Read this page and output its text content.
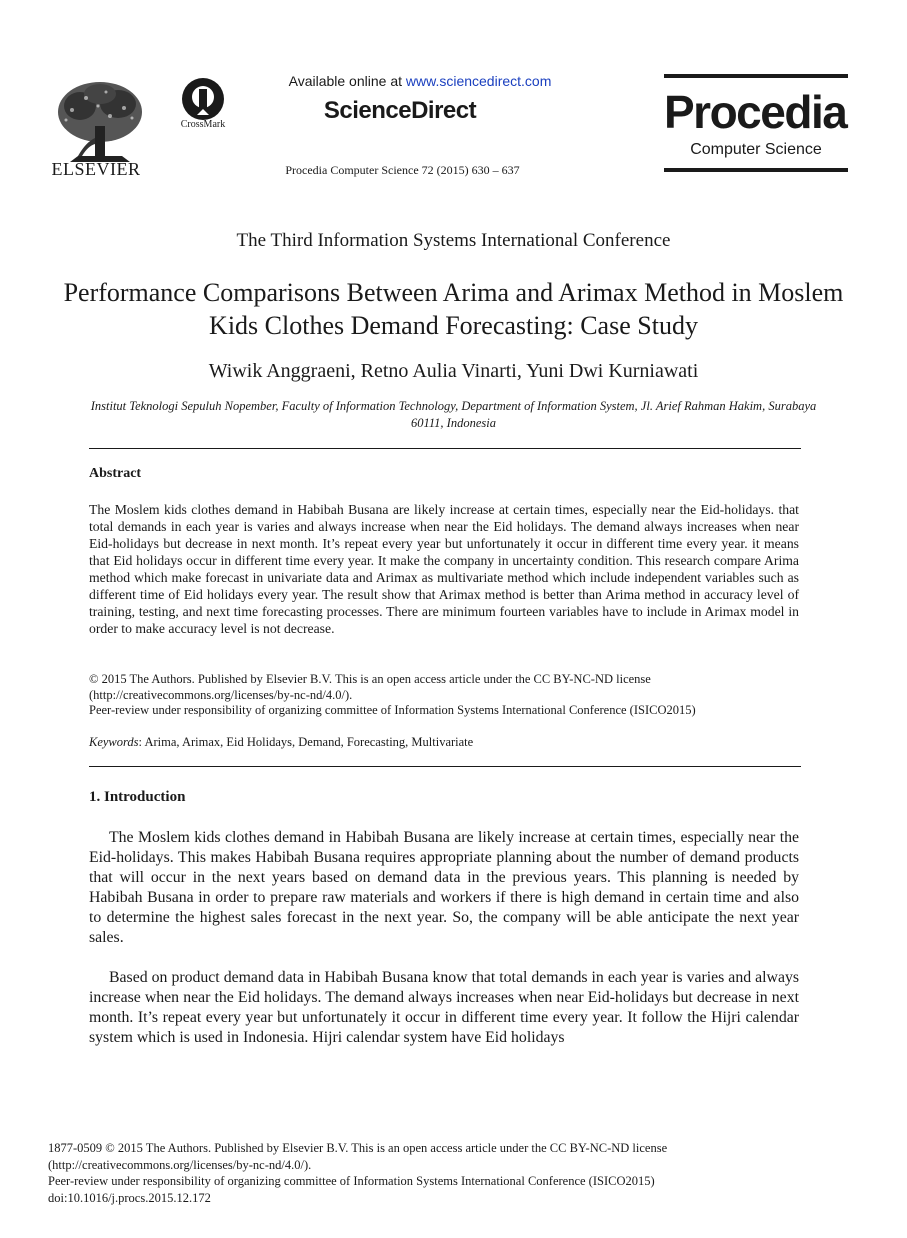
ELSEVIER
CrossMark
Available online at www.sciencedirect.com
ScienceDirect
Procedia Computer Science 72 (2015) 630 – 637
Procedia
Computer Science
The Third Information Systems International Conference
Performance Comparisons Between Arima and Arimax Method in Moslem Kids Clothes Demand Forecasting: Case Study
Wiwik Anggraeni, Retno Aulia Vinarti, Yuni Dwi Kurniawati
Institut Teknologi Sepuluh Nopember, Faculty of Information Technology, Department of Information System, Jl. Arief Rahman Hakim, Surabaya 60111, Indonesia
Abstract
The Moslem kids clothes demand in Habibah Busana are likely increase at certain times, especially near the Eid-holidays. that total demands in each year is varies and always increase when near the Eid holidays. The demand always increases when near Eid-holidays but decrease in next month. It’s repeat every year but unfortunately it occur in different time every year. it means that Eid holidays occur in different time every year. It make the company in uncertainty condition. This research compare Arima method which make forecast in univariate data and Arimax as multivariate method which include independent variables such as different time of Eid holidays every year. The result show that Arimax method is better than Arima method in accuracy level of training, testing, and next time forecasting processes. There are minimum fourteen variables have to include in Arimax model in order to make accuracy level is not decrease.
© 2015 The Authors. Published by Elsevier B.V. This is an open access article under the CC BY-NC-ND license (http://creativecommons.org/licenses/by-nc-nd/4.0/).
Peer-review under responsibility of organizing committee of Information Systems International Conference (ISICO2015)
Keywords: Arima, Arimax, Eid Holidays, Demand, Forecasting, Multivariate
1. Introduction
The Moslem kids clothes demand in Habibah Busana are likely increase at certain times, especially near the Eid-holidays. This makes Habibah Busana requires appropriate planning about the number of demand products that will occur in the next years based on demand data in the previous years. This planning is needed by Habibah Busana in order to prepare raw materials and workers if there is high demand in certain time and also to determine the highest sales forecast in the next year. So, the company will be able anticipate the next year sales.
Based on product demand data in Habibah Busana know that total demands in each year is varies and always increase when near the Eid holidays. The demand always increases when near Eid-holidays but decrease in next month. It’s repeat every year but unfortunately it occur in different time every year. It follow the Hijri calendar system which is used in Indonesia. Hijri calendar system have Eid holidays
1877-0509 © 2015 The Authors. Published by Elsevier B.V. This is an open access article under the CC BY-NC-ND license
(http://creativecommons.org/licenses/by-nc-nd/4.0/).
Peer-review under responsibility of organizing committee of Information Systems International Conference (ISICO2015)
doi:10.1016/j.procs.2015.12.172
